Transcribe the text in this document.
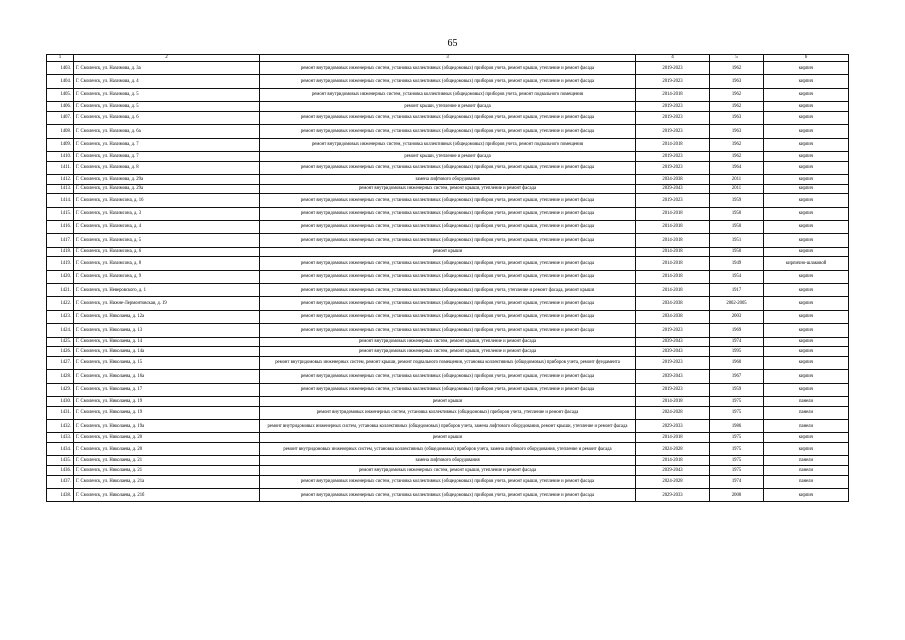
65
1	2	3	4	5	6
1403.	Г. Смоленск, ул. Нахимова, д. 3а	ремонт внутридомовых инженерных систем, установка коллективных (общедомовых) приборов учета, ремонт крыши, утепление и ремонт фасада	2019-2023	1962	кирпич
1404.	Г. Смоленск, ул. Нахимова, д. 4	ремонт внутридомовых инженерных систем, установка коллективных (общедомовых) приборов учета, ремонт крыши, утепление и ремонт фасада	2019-2023	1963	кирпич
1405.	Г. Смоленск, ул. Нахимова, д. 5	ремонт внутридомовых инженерных систем, установка коллективных (общедомовых) приборов учета, ремонт подвального помещения	2014-2018	1962	кирпич
1406.	Г. Смоленск, ул. Нахимова, д. 5	ремонт крыши, утепление и ремонт фасада	2019-2023	1962	кирпич
1407.	Г. Смоленск, ул. Нахимова, д. 6	ремонт внутридомовых инженерных систем, установка коллективных (общедомовых) приборов учета, ремонт крыши, утепление и ремонт фасада	2019-2023	1963	кирпич
1408.	Г. Смоленск, ул. Нахимова, д. 6а	ремонт внутридомовых инженерных систем, установка коллективных (общедомовых) приборов учета, ремонт крыши, утепление и ремонт фасада	2019-2023	1963	кирпич
1409.	Г. Смоленск, ул. Нахимова, д. 7	ремонт внутридомовых инженерных систем, установка коллективных (общедомовых) приборов учета, ремонт подвального помещения	2014-2018	1962	кирпич
1410.	Г. Смоленск, ул. Нахимова, д. 7	ремонт крыши, утепление и ремонт фасада	2019-2023	1962	кирпич
1411.	Г. Смоленск, ул. Нахимова, д. 8	ремонт внутридомовых инженерных систем, установка коллективных (общедомовых) приборов учета, ремонт крыши, утепление и ремонт фасада	2019-2023	1964	кирпич
1412.	Г. Смоленск, ул. Нахимова, д. 29а	замена лифтового оборудования	2034-2038	2011	кирпич
1413.	Г. Смоленск, ул. Нахимова, д. 29а	ремонт внутридомовых инженерных систем, ремонт крыши, утепление и ремонт фасада	2039-2043	2011	кирпич
1414.	Г. Смоленск, ул. Нахимсона, д. 16	ремонт внутридомовых инженерных систем, установка коллективных (общедомовых) приборов учета, ремонт крыши, утепление и ремонт фасада	2019-2023	1959	кирпич
1415.	Г. Смоленск, ул. Нахимсона, д. 3	ремонт внутридомовых инженерных систем, установка коллективных (общедомовых) приборов учета, ремонт крыши, утепление и ремонт фасада	2014-2018	1950	кирпич
1416.	Г. Смоленск, ул. Нахимсона, д. 4	ремонт внутридомовых инженерных систем, установка коллективных (общедомовых) приборов учета, ремонт крыши, утепление и ремонт фасада	2014-2018	1950	кирпич
1417.	Г. Смоленск, ул. Нахимсона, д. 5	ремонт внутридомовых инженерных систем, установка коллективных (общедомовых) приборов учета, ремонт крыши, утепление и ремонт фасада	2014-2018	1951	кирпич
1418.	Г. Смоленск, ул. Нахимсона, д. 6	ремонт крыши	2014-2018	1950	кирпич
1419.	Г. Смоленск, ул. Нахимсона, д. 8	ремонт внутридомовых инженерных систем, установка коллективных (общедомовых) приборов учета, ремонт крыши, утепление и ремонт фасада	2014-2018	1949	кирпично-шлаковой
1420.	Г. Смоленск, ул. Нахимсона, д. 9	ремонт внутридомовых инженерных систем, установка коллективных (общедомовых) приборов учета, ремонт крыши, утепление и ремонт фасада	2014-2018	1954	кирпич
1421.	Г. Смоленск, ул. Неверовского, д. 1	ремонт внутридомовых инженерных систем, установка коллективных (общедомовых) приборов учета, утепление и ремонт фасада, ремонт крыши	2014-2018	1917	кирпич
1422.	Г. Смоленск, ул. Нижне-Лермонтовская, д. 19	ремонт внутридомовых инженерных систем, установка коллективных (общедомовых) приборов учета, ремонт крыши, утепление и ремонт фасада	2034-2038	2002-2005	кирпич
1423.	Г. Смоленск, ул. Николаева, д. 12а	ремонт внутридомовых инженерных систем, установка коллективных (общедомовых) приборов учета, ремонт крыши, утепление и ремонт фасада	2034-2038	2003	кирпич
1424.	Г. Смоленск, ул. Николаева, д. 13	ремонт внутридомовых инженерных систем, установка коллективных (общедомовых) приборов учета, ремонт крыши, утепление и ремонт фасада	2019-2023	1969	кирпич
1425.	Г. Смоленск, ул. Николаева, д. 14	ремонт внутридомовых инженерных систем, ремонт крыши, утепление и ремонт фасада	2039-2043	1974	кирпич
1426.	Г. Смоленск, ул. Николаева, д. 14а	ремонт внутридомовых инженерных систем, ремонт крыши, утепление и ремонт фасада	2039-2043	1995	кирпич
1427.	Г. Смоленск, ул. Николаева, д. 15	ремонт внутридомовых инженерных систем, ремонт крыши, ремонт подвального помещения, установка коллективных (общедомовых) приборов учета, ремонт фундамента	2019-2023	1960	кирпич
1428.	Г. Смоленск, ул. Николаева, д. 16а	ремонт внутридомовых инженерных систем, установка коллективных (общедомовых) приборов учета, ремонт крыши, утепление и ремонт фасада	2039-2043	1967	кирпич
1429.	Г. Смоленск, ул. Николаева, д. 17	ремонт внутридомовых инженерных систем, установка коллективных (общедомовых) приборов учета, ремонт крыши, утепление и ремонт фасада	2019-2023	1959	кирпич
1430.	Г. Смоленск, ул. Николаева, д. 19	ремонт крыши	2014-2018	1975	панели
1431.	Г. Смоленск, ул. Николаева, д. 19	ремонт внутридомовых инженерных систем, установка коллективных (общедомовых) приборов учета, утепление и ремонт фасада	2024-2028	1975	панели
1432.	Г. Смоленск, ул. Николаева, д. 19а	ремонт внутридомовых инженерных систем, установка коллективных (общедомовых) приборов учета, замена лифтового оборудования, ремонт крыши, утепление и ремонт фасада	2029-2033	1986	панели
1433.	Г. Смоленск, ул. Николаева, д. 20	ремонт крыши	2014-2018	1975	кирпич
1434.	Г. Смоленск, ул. Николаева, д. 20	ремонт внутридомовых инженерных систем, установка коллективных (общедомовых) приборов учета, замена лифтового оборудования, утепление и ремонт фасада	2024-2028	1975	кирпич
1435.	Г. Смоленск, ул. Николаева, д. 21	замена лифтового оборудования	2014-2018	1975	панели
1436.	Г. Смоленск, ул. Николаева, д. 21	ремонт внутридомовых инженерных систем, ремонт крыши, утепление и ремонт фасада	2039-2043	1975	панели
1437.	Г. Смоленск, ул. Николаева, д. 21а	ремонт внутридомовых инженерных систем, установка коллективных (общедомовых) приборов учета, ремонт крыши, утепление и ремонт фасада	2024-2028	1974	панели
1438.	Г. Смоленск, ул. Николаева, д. 21б	ремонт внутридомовых инженерных систем, установка коллективных (общедомовых) приборов учета, ремонт крыши, утепление и ремонт фасада	2029-2033	2000	кирпич
